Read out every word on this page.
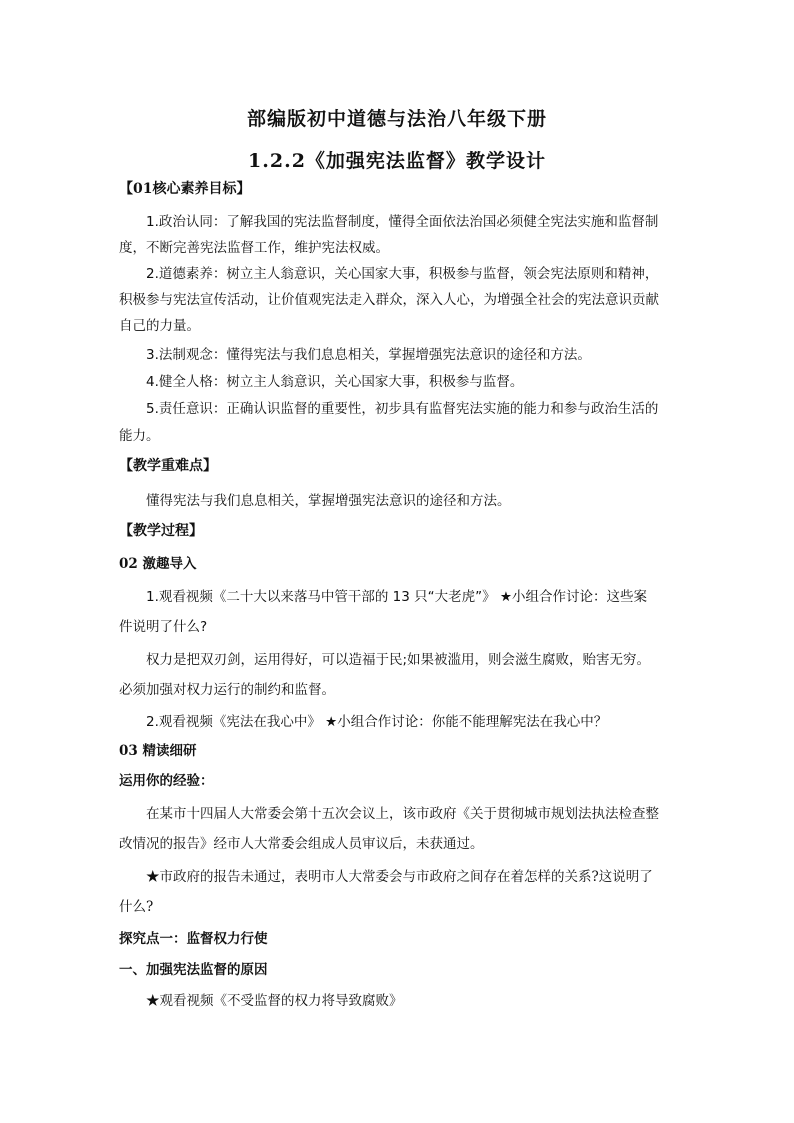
部编版初中道德与法治八年级下册
1.2.2《加强宪法监督》教学设计
【01核心素养目标】
1.政治认同：了解我国的宪法监督制度，懂得全面依法治国必须健全宪法实施和监督制
度，不断完善宪法监督工作，维护宪法权威。
2.道德素养：树立主人翁意识，关心国家大事，积极参与监督，领会宪法原则和精神，
积极参与宪法宣传活动，让价值观宪法走入群众，深入人心，为增强全社会的宪法意识贡献
自己的力量。
3.法制观念：懂得宪法与我们息息相关，掌握增强宪法意识的途径和方法。
4.健全人格：树立主人翁意识，关心国家大事，积极参与监督。
5.责任意识：正确认识监督的重要性，初步具有监督宪法实施的能力和参与政治生活的
能力。
【教学重难点】
懂得宪法与我们息息相关，掌握增强宪法意识的途径和方法。
【教学过程】
02 激趣导入
1.观看视频《二十大以来落马中管干部的 13 只“大老虎”》 ★小组合作讨论：这些案
件说明了什么?
权力是把双刃剑，运用得好，可以造福于民;如果被滥用，则会滋生腐败，贻害无穷。
必须加强对权力运行的制约和监督。
2.观看视频《宪法在我心中》 ★小组合作讨论：你能不能理解宪法在我心中？
03 精读细研
运用你的经验：
在某市十四届人大常委会第十五次会议上，该市政府《关于贯彻城市规划法执法检查整
改情况的报告》经市人大常委会组成人员审议后，未获通过。
★市政府的报告未通过，表明市人大常委会与市政府之间存在着怎样的关系?这说明了
什么?
探究点一：监督权力行使
一、加强宪法监督的原因
★观看视频《不受监督的权力将导致腐败》
